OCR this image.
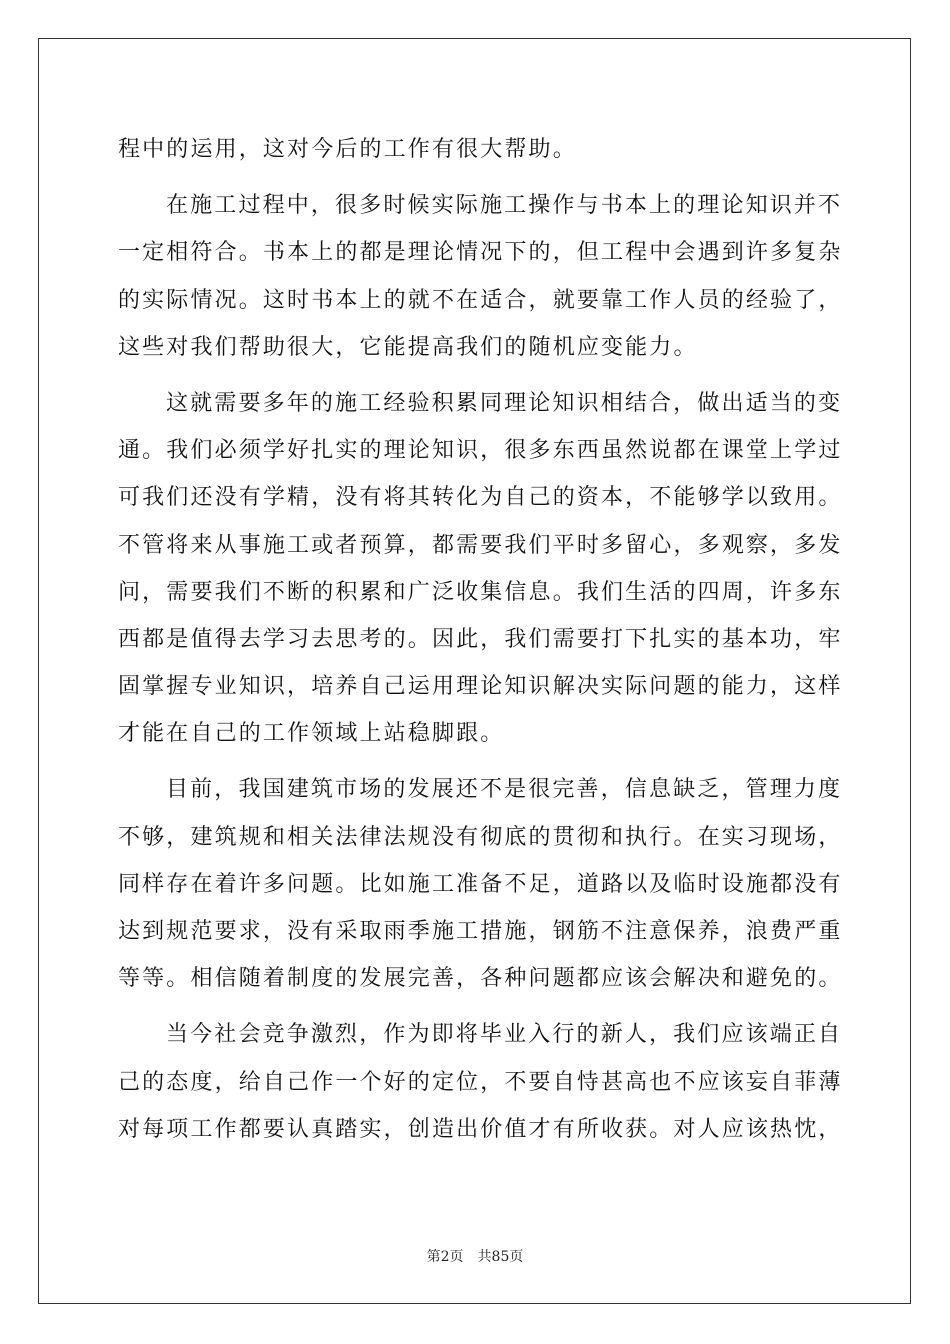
程中的运用，这对今后的工作有很大帮助。
在施工过程中，很多时候实际施工操作与书本上的理论知识并不
一定相符合。书本上的都是理论情况下的，但工程中会遇到许多复杂
的实际情况。这时书本上的就不在适合，就要靠工作人员的经验了，
这些对我们帮助很大，它能提高我们的随机应变能力。
这就需要多年的施工经验积累同理论知识相结合，做出适当的变
通。我们必须学好扎实的理论知识，很多东西虽然说都在课堂上学过
可我们还没有学精，没有将其转化为自己的资本，不能够学以致用。
不管将来从事施工或者预算，都需要我们平时多留心，多观察，多发
问，需要我们不断的积累和广泛收集信息。我们生活的四周，许多东
西都是值得去学习去思考的。因此，我们需要打下扎实的基本功，牢
固掌握专业知识，培养自己运用理论知识解决实际问题的能力，这样
才能在自己的工作领域上站稳脚跟。
目前，我国建筑市场的发展还不是很完善，信息缺乏，管理力度
不够，建筑规和相关法律法规没有彻底的贯彻和执行。在实习现场，
同样存在着许多问题。比如施工准备不足，道路以及临时设施都没有
达到规范要求，没有采取雨季施工措施，钢筋不注意保养，浪费严重
等等。相信随着制度的发展完善，各种问题都应该会解决和避免的。
当今社会竞争激烈，作为即将毕业入行的新人，我们应该端正自
己的态度，给自己作一个好的定位，不要自恃甚高也不应该妄自菲薄
对每项工作都要认真踏实，创造出价值才有所收获。对人应该热忱，
第2页 共85页
